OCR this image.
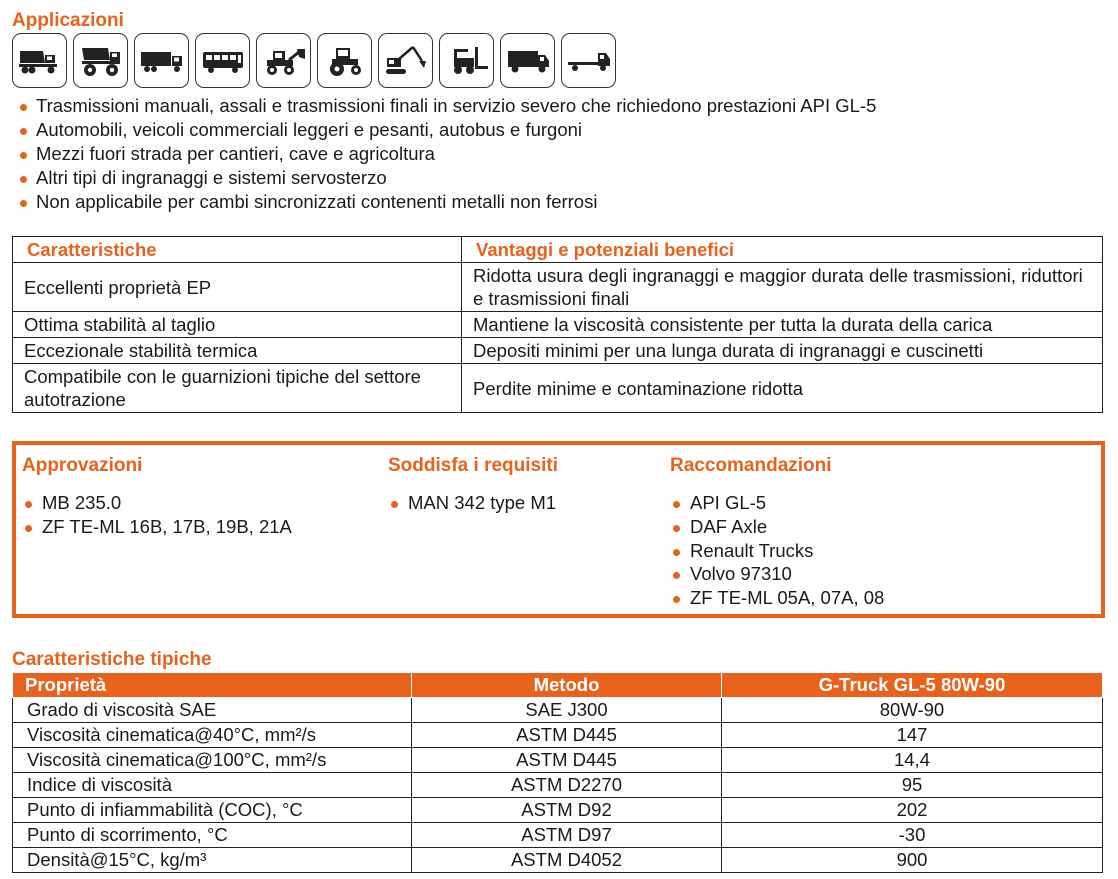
Applicazioni
Trasmissioni manuali, assali e trasmissioni finali in servizio severo che richiedono prestazioni API GL-5
Automobili, veicoli commerciali leggeri e pesanti, autobus e furgoni
Mezzi fuori strada per cantieri, cave e agricoltura
Altri tipi di ingranaggi e sistemi servosterzo
Non applicabile per cambi sincronizzati contenenti metalli non ferrosi
Caratteristiche	Vantaggi e potenziali benefici
Eccellenti proprietà EP	Ridotta usura degli ingranaggi e maggior durata delle trasmissioni, riduttori e trasmissioni finali
Ottima stabilità al taglio	Mantiene la viscosità consistente per tutta la durata della carica
Eccezionale stabilità termica	Depositi minimi per una lunga durata di ingranaggi e cuscinetti
Compatibile con le guarnizioni tipiche del settore autotrazione	Perdite minime e contaminazione ridotta
Approvazioni
MB 235.0
ZF TE-ML 16B, 17B, 19B, 21A
Soddisfa i requisiti
MAN 342 type M1
Raccomandazioni
API GL-5
DAF Axle
Renault Trucks
Volvo 97310
ZF TE-ML 05A, 07A, 08
Caratteristiche tipiche
Proprietà	Metodo	G-Truck GL-5 80W-90
Grado di viscosità SAE	SAE J300	80W-90
Viscosità cinematica@40°C, mm²/s	ASTM D445	147
Viscosità cinematica@100°C, mm²/s	ASTM D445	14,4
Indice di viscosità	ASTM D2270	95
Punto di infiammabilità (COC), °C	ASTM D92	202
Punto di scorrimento, °C	ASTM D97	-30
Densità@15°C, kg/m³	ASTM D4052	900
